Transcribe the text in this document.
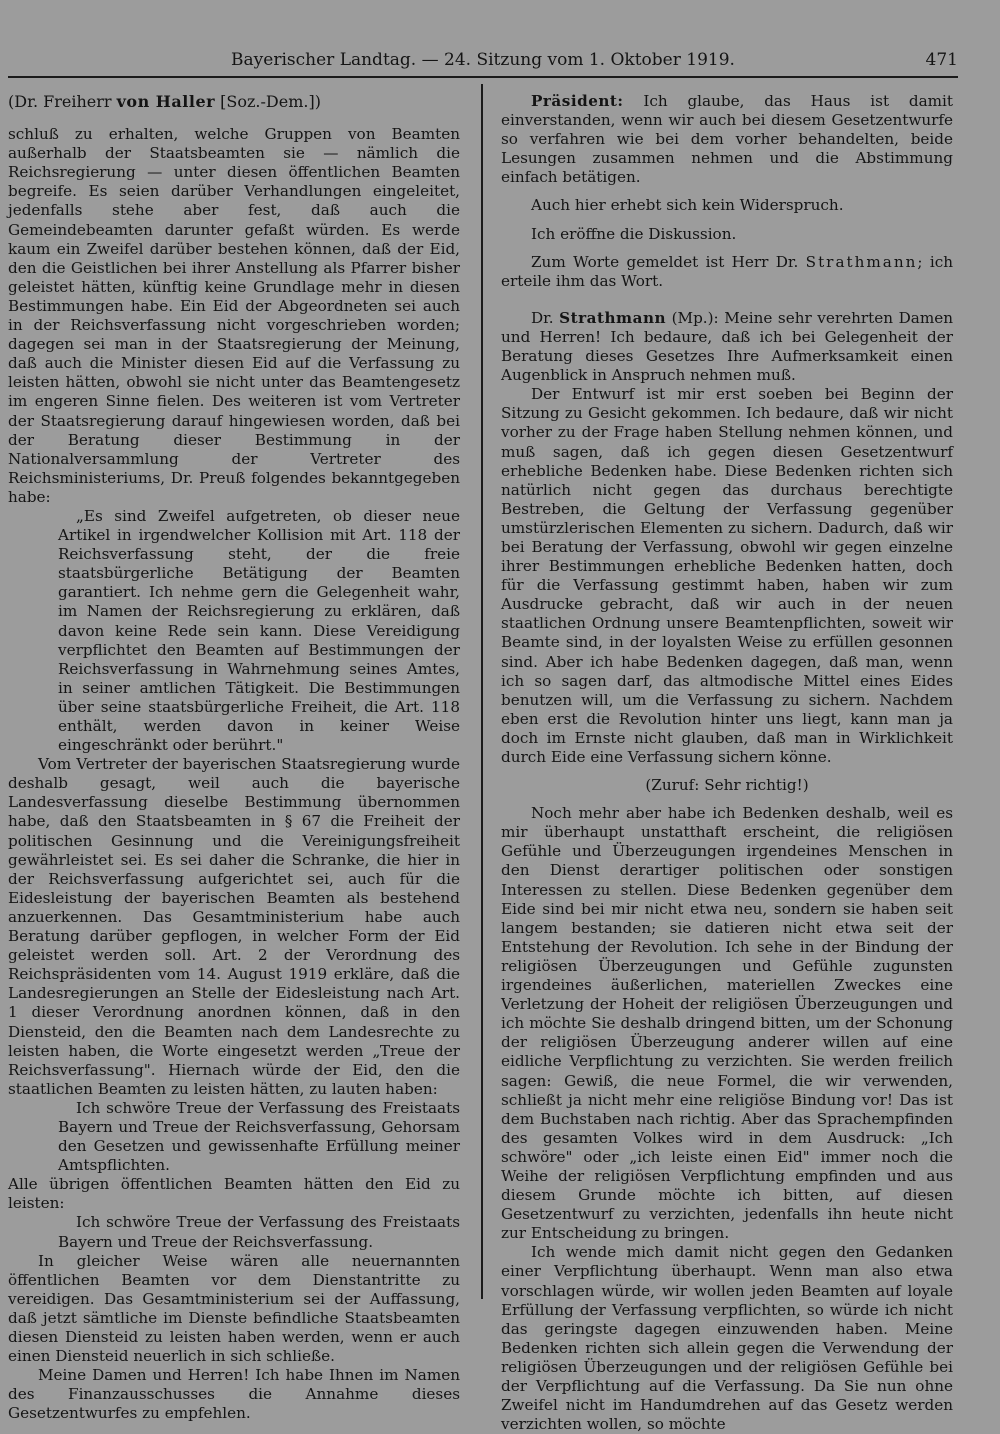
Bayerischer Landtag. — 24. Sitzung vom 1. Oktober 1919.	471

(Dr. Freiherr von Haller [Soz.-Dem.])

schluß zu erhalten, welche Gruppen von Beamten außerhalb der Staatsbeamten sie — nämlich die Reichsregierung — unter diesen öffentlichen Beamten begreife. Es seien darüber Verhandlungen eingeleitet, jedenfalls stehe aber fest, daß auch die Gemeindebeamten darunter gefaßt würden. Es werde kaum ein Zweifel darüber bestehen können, daß der Eid, den die Geistlichen bei ihrer Anstellung als Pfarrer bisher geleistet hätten, künftig keine Grundlage mehr in diesen Bestimmungen habe. Ein Eid der Abgeordneten sei auch in der Reichsverfassung nicht vorgeschrieben worden; dagegen sei man in der Staatsregierung der Meinung, daß auch die Minister diesen Eid auf die Verfassung zu leisten hätten, obwohl sie nicht unter das Beamtengesetz im engeren Sinne fielen. Des weiteren ist vom Vertreter der Staatsregierung darauf hingewiesen worden, daß bei der Beratung dieser Bestimmung in der Nationalversammlung der Vertreter des Reichsministeriums, Dr. Preuß folgendes bekanntgegeben habe:

„Es sind Zweifel aufgetreten, ob dieser neue Artikel in irgendwelcher Kollision mit Art. 118 der Reichsverfassung steht, der die freie staatsbürgerliche Betätigung der Beamten garantiert. Ich nehme gern die Gelegenheit wahr, im Namen der Reichsregierung zu erklären, daß davon keine Rede sein kann. Diese Vereidigung verpflichtet den Beamten auf Bestimmungen der Reichsverfassung in Wahrnehmung seines Amtes, in seiner amtlichen Tätigkeit. Die Bestimmungen über seine staatsbürgerliche Freiheit, die Art. 118 enthält, werden davon in keiner Weise eingeschränkt oder berührt."

Vom Vertreter der bayerischen Staatsregierung wurde deshalb gesagt, weil auch die bayerische Landesverfassung dieselbe Bestimmung übernommen habe, daß den Staatsbeamten in § 67 die Freiheit der politischen Gesinnung und die Vereinigungsfreiheit gewährleistet sei. Es sei daher die Schranke, die hier in der Reichsverfassung aufgerichtet sei, auch für die Eidesleistung der bayerischen Beamten als bestehend anzuerkennen. Das Gesamtministerium habe auch Beratung darüber gepflogen, in welcher Form der Eid geleistet werden soll. Art. 2 der Verordnung des Reichspräsidenten vom 14. August 1919 erkläre, daß die Landesregierungen an Stelle der Eidesleistung nach Art. 1 dieser Verordnung anordnen können, daß in den Diensteid, den die Beamten nach dem Landesrechte zu leisten haben, die Worte eingesetzt werden „Treue der Reichsverfassung". Hiernach würde der Eid, den die staatlichen Beamten zu leisten hätten, zu lauten haben:

Ich schwöre Treue der Verfassung des Freistaats Bayern und Treue der Reichsverfassung, Gehorsam den Gesetzen und gewissenhafte Erfüllung meiner Amtspflichten.

Alle übrigen öffentlichen Beamten hätten den Eid zu leisten:

Ich schwöre Treue der Verfassung des Freistaats Bayern und Treue der Reichsverfassung.

In gleicher Weise wären alle neuernannten öffentlichen Beamten vor dem Dienstantritte zu vereidigen. Das Gesamtministerium sei der Auffassung, daß jetzt sämtliche im Dienste befindliche Staatsbeamten diesen Diensteid zu leisten haben werden, wenn er auch einen Diensteid neuerlich in sich schließe.

Meine Damen und Herren! Ich habe Ihnen im Namen des Finanzausschusses die Annahme dieses Gesetzentwurfes zu empfehlen.

Präsident: Ich glaube, das Haus ist damit einverstanden, wenn wir auch bei diesem Gesetzentwurfe so verfahren wie bei dem vorher behandelten, beide Lesungen zusammen nehmen und die Abstimmung einfach betätigen.

Auch hier erhebt sich kein Widerspruch.

Ich eröffne die Diskussion.

Zum Worte gemeldet ist Herr Dr. Strathmann; ich erteile ihm das Wort.

Dr. Strathmann (Mp.): Meine sehr verehrten Damen und Herren! Ich bedaure, daß ich bei Gelegenheit der Beratung dieses Gesetzes Ihre Aufmerksamkeit einen Augenblick in Anspruch nehmen muß.

Der Entwurf ist mir erst soeben bei Beginn der Sitzung zu Gesicht gekommen. Ich bedaure, daß wir nicht vorher zu der Frage haben Stellung nehmen können, und muß sagen, daß ich gegen diesen Gesetzentwurf erhebliche Bedenken habe. Diese Bedenken richten sich natürlich nicht gegen das durchaus berechtigte Bestreben, die Geltung der Verfassung gegenüber umstürzlerischen Elementen zu sichern. Dadurch, daß wir bei Beratung der Verfassung, obwohl wir gegen einzelne ihrer Bestimmungen erhebliche Bedenken hatten, doch für die Verfassung gestimmt haben, haben wir zum Ausdrucke gebracht, daß wir auch in der neuen staatlichen Ordnung unsere Beamtenpflichten, soweit wir Beamte sind, in der loyalsten Weise zu erfüllen gesonnen sind. Aber ich habe Bedenken dagegen, daß man, wenn ich so sagen darf, das altmodische Mittel eines Eides benutzen will, um die Verfassung zu sichern. Nachdem eben erst die Revolution hinter uns liegt, kann man ja doch im Ernste nicht glauben, daß man in Wirklichkeit durch Eide eine Verfassung sichern könne.

(Zuruf: Sehr richtig!)

Noch mehr aber habe ich Bedenken deshalb, weil es mir überhaupt unstatthaft erscheint, die religiösen Gefühle und Überzeugungen irgendeines Menschen in den Dienst derartiger politischen oder sonstigen Interessen zu stellen. Diese Bedenken gegenüber dem Eide sind bei mir nicht etwa neu, sondern sie haben seit langem bestanden; sie datieren nicht etwa seit der Entstehung der Revolution. Ich sehe in der Bindung der religiösen Überzeugungen und Gefühle zugunsten irgendeines äußerlichen, materiellen Zweckes eine Verletzung der Hoheit der religiösen Überzeugungen und ich möchte Sie deshalb dringend bitten, um der Schonung der religiösen Überzeugung anderer willen auf eine eidliche Verpflichtung zu verzichten. Sie werden freilich sagen: Gewiß, die neue Formel, die wir verwenden, schließt ja nicht mehr eine religiöse Bindung vor! Das ist dem Buchstaben nach richtig. Aber das Sprachempfinden des gesamten Volkes wird in dem Ausdruck: „Ich schwöre" oder „ich leiste einen Eid" immer noch die Weihe der religiösen Verpflichtung empfinden und aus diesem Grunde möchte ich bitten, auf diesen Gesetzentwurf zu verzichten, jedenfalls ihn heute nicht zur Entscheidung zu bringen.

Ich wende mich damit nicht gegen den Gedanken einer Verpflichtung überhaupt. Wenn man also etwa vorschlagen würde, wir wollen jeden Beamten auf loyale Erfüllung der Verfassung verpflichten, so würde ich nicht das geringste dagegen einzuwenden haben. Meine Bedenken richten sich allein gegen die Verwendung der religiösen Überzeugungen und der religiösen Gefühle bei der Verpflichtung auf die Verfassung. Da Sie nun ohne Zweifel nicht im Handumdrehen auf das Gesetz werden verzichten wollen, so möchte
